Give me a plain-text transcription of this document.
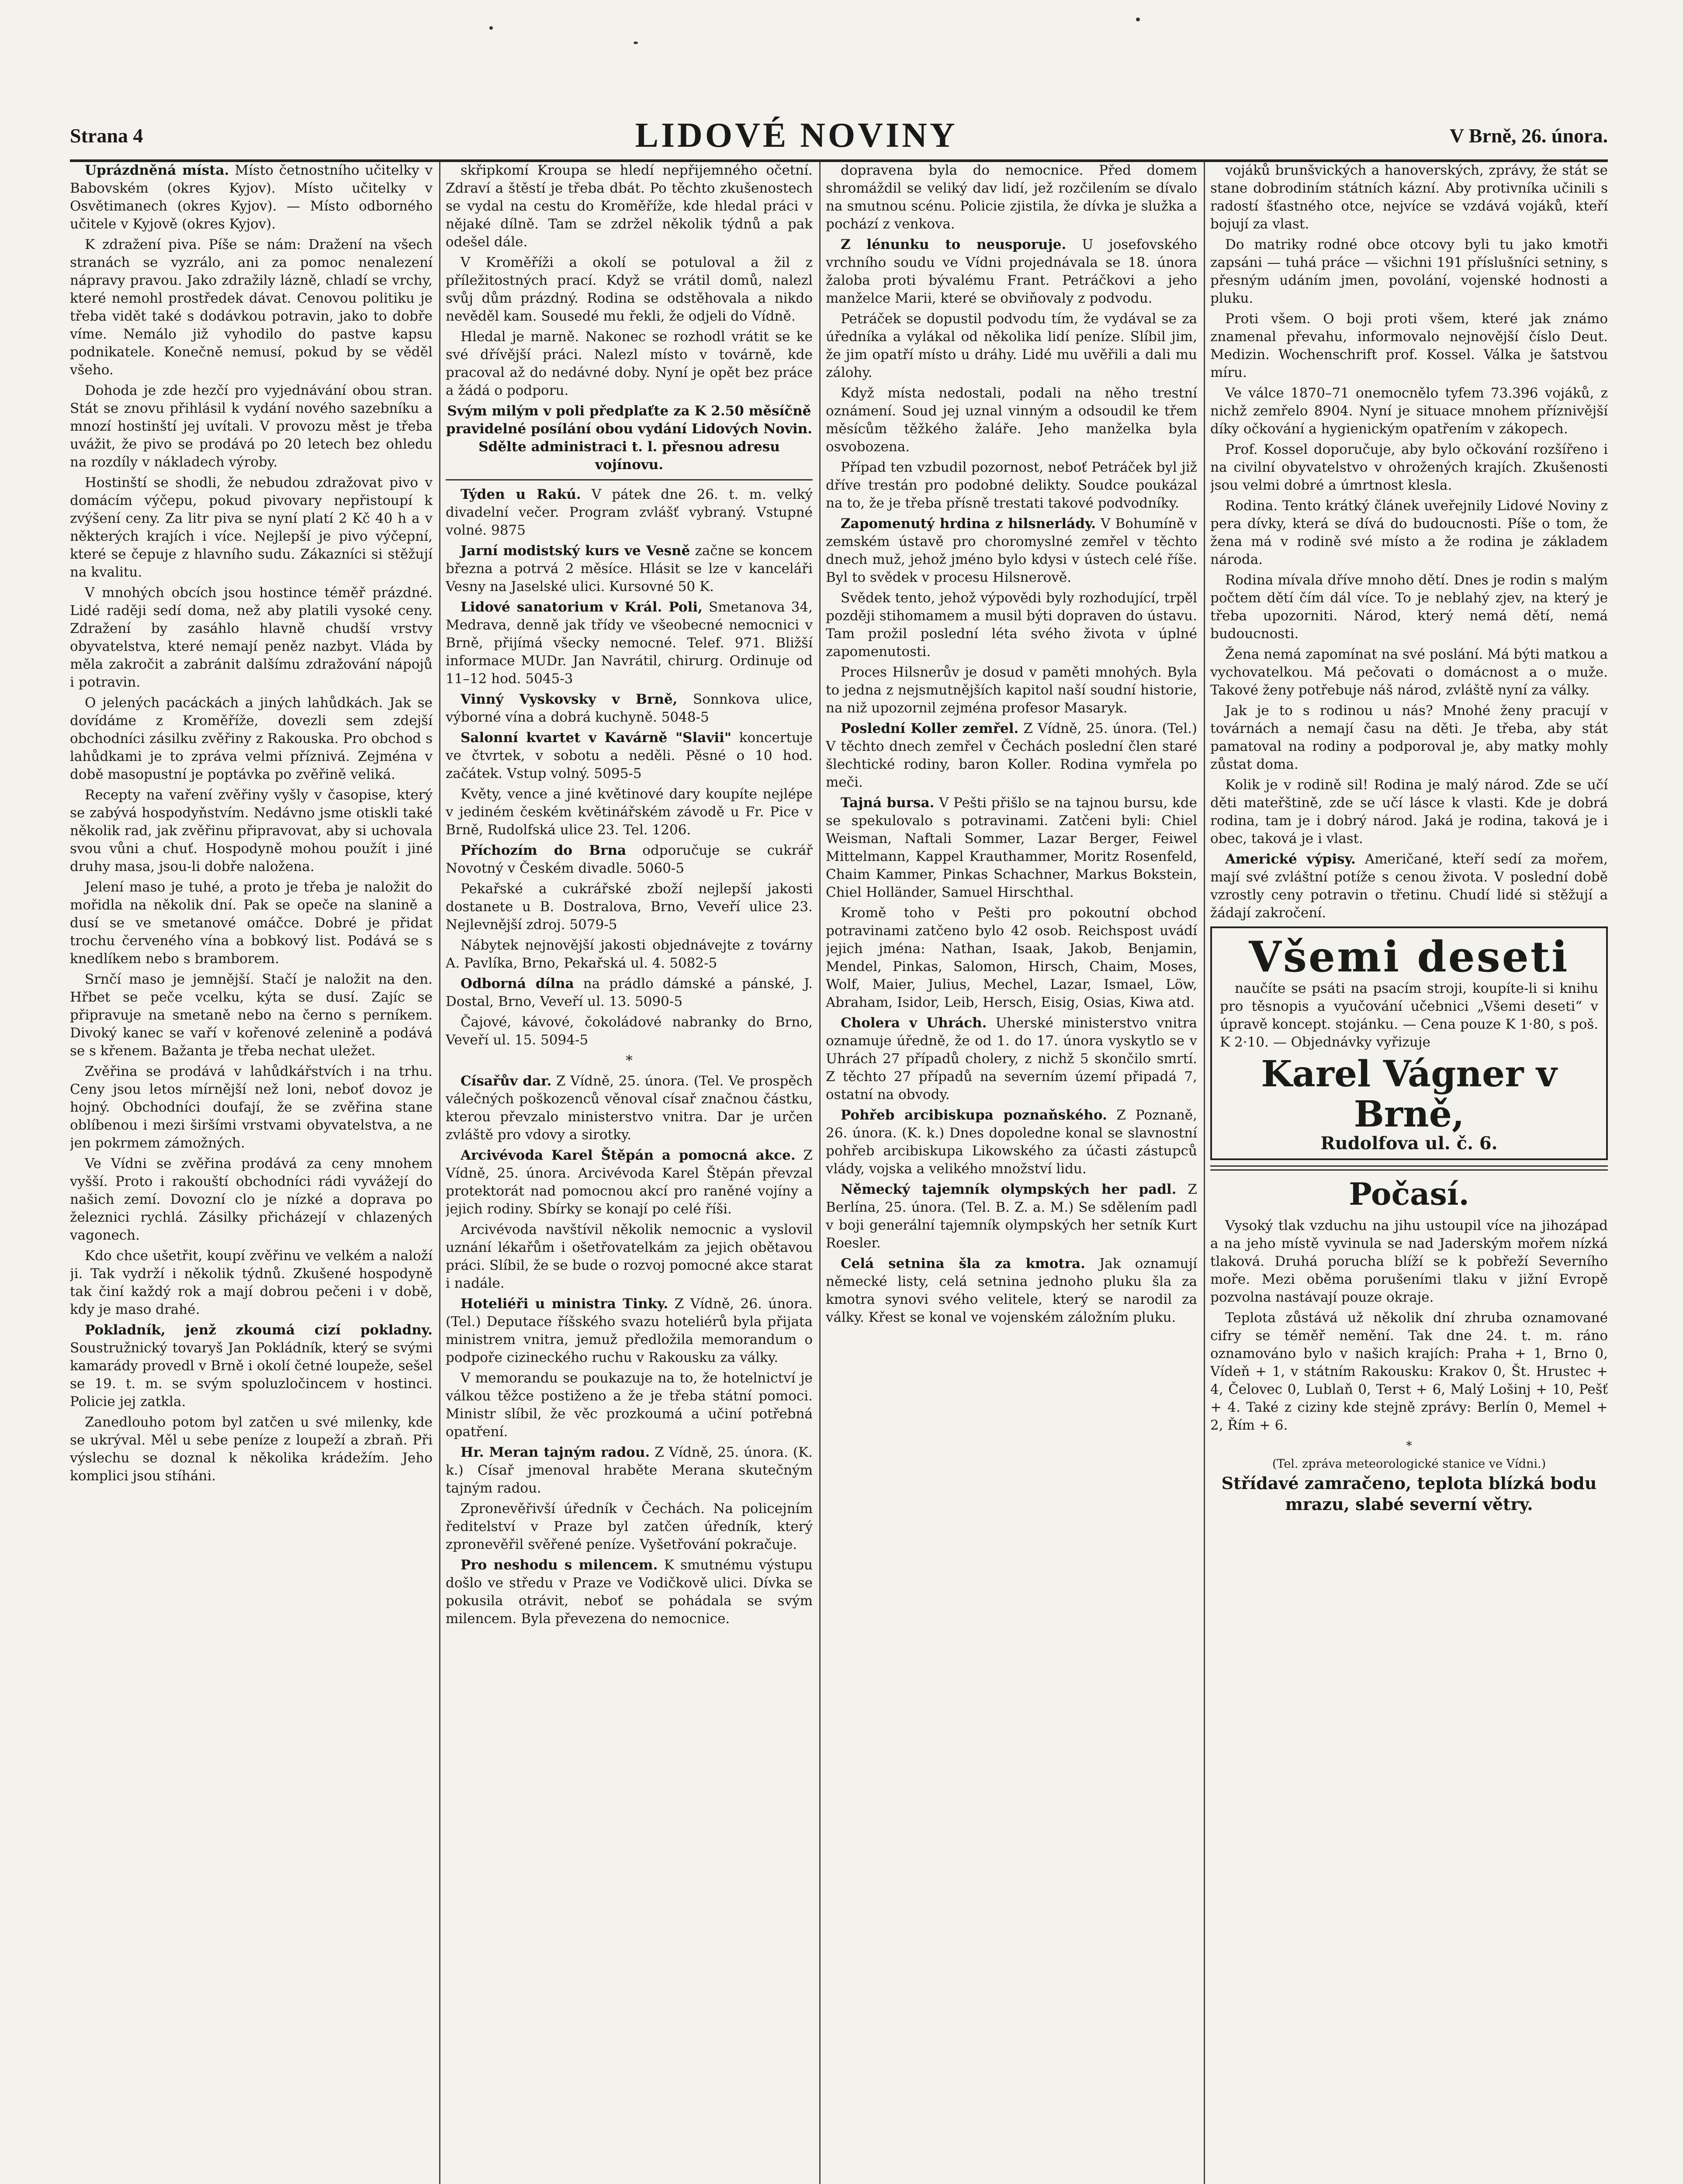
Strana 4	LIDOVÉ NOVINY	V Brně, 26. února.

Uprázdněná místa. Místo četnostního učitelky v Babovském (okres Kyjov). Místo učitelky v Osvětimanech (okres Kyjov). — Místo odborného učitele v Kyjově (okres Kyjov).

K zdražení piva. Píše se nám: Dražení na všech stranách se vyzrálo, ani za pomoc nenalezení nápravy pravou. Jako zdražily lázně, chladí se vrchy, které nemohl prostředek dávat. Cenovou politiku je třeba vidět také s dodávkou potravin, jako to dobře víme. Nemálo již vyhodilo do pastve kapsu podnikatele. Konečně nemusí, pokud by se věděl všeho.

Dohoda je zde hezčí pro vyjednávání obou stran. Stát se znovu přihlásil k vydání nového sazebníku a mnozí hostinští jej uvítali. V provozu měst je třeba uvážit, že pivo se prodává po 20 letech bez ohledu na rozdíly v nákladech výroby.

Hostinští se shodli, že nebudou zdražovat pivo v domácím výčepu, pokud pivovary nepřistoupí k zvýšení ceny. Za litr piva se nyní platí 2 Kč 40 h a v některých krajích i více. Nejlepší je pivo výčepní, které se čepuje z hlavního sudu. Zákazníci si stěžují na kvalitu.

V mnohých obcích jsou hostince téměř prázdné. Lidé raději sedí doma, než aby platili vysoké ceny. Zdražení by zasáhlo hlavně chudší vrstvy obyvatelstva, které nemají peněz nazbyt. Vláda by měla zakročit a zabránit dalšímu zdražování nápojů i potravin.

O jelených pacáckách a jiných lahůdkách. Jak se dovídáme z Kroměříže, dovezli sem zdejší obchodníci zásilku zvěřiny z Rakouska. Pro obchod s lahůdkami je to zpráva velmi příznivá. Zejména v době masopustní je poptávka po zvěřině veliká.

Recepty na vaření zvěřiny vyšly v časopise, který se zabývá hospodyňstvím. Nedávno jsme otiskli také několik rad, jak zvěřinu připravovat, aby si uchovala svou vůni a chuť. Hospodyně mohou použít i jiné druhy masa, jsou-li dobře naložena.

Jelení maso je tuhé, a proto je třeba je naložit do mořidla na několik dní. Pak se opeče na slanině a dusí se ve smetanové omáčce. Dobré je přidat trochu červeného vína a bobkový list. Podává se s knedlíkem nebo s bramborem.

Srnčí maso je jemnější. Stačí je naložit na den. Hřbet se peče vcelku, kýta se dusí. Zajíc se připravuje na smetaně nebo na černo s perníkem. Divoký kanec se vaří v kořenové zelenině a podává se s křenem. Bažanta je třeba nechat uležet.

Zvěřina se prodává v lahůdkářstvích i na trhu. Ceny jsou letos mírnější než loni, neboť dovoz je hojný. Obchodníci doufají, že se zvěřina stane oblíbenou i mezi širšími vrstvami obyvatelstva, a ne jen pokrmem zámožných.

Ve Vídni se zvěřina prodává za ceny mnohem vyšší. Proto i rakouští obchodníci rádi vyvážejí do našich zemí. Dovozní clo je nízké a doprava po železnici rychlá. Zásilky přicházejí v chlazených vagonech.

Kdo chce ušetřit, koupí zvěřinu ve velkém a naloží ji. Tak vydrží i několik týdnů. Zkušené hospodyně tak činí každý rok a mají dobrou pečeni i v době, kdy je maso drahé.

Pokladník, jenž zkoumá cizí pokladny. Soustružnický tovaryš Jan Pokládník, který se svými kamarády provedl v Brně i okolí četné loupeže, sešel se 19. t. m. se svým spoluzločincem v hostinci. Policie jej zatkla.

Zanedlouho potom byl zatčen u své milenky, kde se ukrýval. Měl u sebe peníze z loupeží a zbraň. Při výslechu se doznal k několika krádežím. Jeho komplici jsou stíháni.

skřipkomí Kroupa se hledí nepřijemného očetní. Zdraví a štěstí je třeba dbát. Po těchto zkušenostech se vydal na cestu do Kroměříže, kde hledal práci v nějaké dílně. Tam se zdržel několik týdnů a pak odešel dále.

V Kroměříži a okolí se potuloval a žil z příležitostných prací. Když se vrátil domů, nalezl svůj dům prázdný. Rodina se odstěhovala a nikdo nevěděl kam. Sousedé mu řekli, že odjeli do Vídně.

Hledal je marně. Nakonec se rozhodl vrátit se ke své dřívější práci. Nalezl místo v továrně, kde pracoval až do nedávné doby. Nyní je opět bez práce a žádá o podporu.

Svým milým v poli předplaťte za K 2.50 měsíčně pravidelné posílání obou vydání Lidových Novin. Sdělte administraci t. l. přesnou adresu vojínovu.

Týden u Rakú. V pátek dne 26. t. m. velký divadelní večer. Program zvlášť vybraný. Vstupné volné. 9875

Jarní modistský kurs ve Vesně začne se koncem března a potrvá 2 měsíce. Hlásit se lze v kanceláři Vesny na Jaselské ulici. Kursovné 50 K.

Lidové sanatorium v Král. Poli, Smetanova 34, Medrava, denně jak třídy ve všeobecné nemocnici v Brně, přijímá všecky nemocné. Telef. 971. Bližší informace MUDr. Jan Navrátil, chirurg. Ordinuje od 11–12 hod. 5045-3

Vinný Vyskovsky v Brně, Sonnkova ulice, výborné vína a dobrá kuchyně. 5048-5

Salonní kvartet v Kavárně "Slavii" koncertuje ve čtvrtek, v sobotu a neděli. Pěsné o 10 hod. začátek. Vstup volný. 5095-5

Květy, vence a jiné květinové dary koupíte nejlépe v jediném českém květinářském závodě u Fr. Pice v Brně, Rudolfská ulice 23. Tel. 1206.

Příchozím do Brna odporučuje se cukrář Novotný v Českém divadle. 5060-5

Pekařské a cukrářské zboží nejlepší jakosti dostanete u B. Dostralova, Brno, Veveří ulice 23. Nejlevnější zdroj. 5079-5

Nábytek nejnovější jakosti objednávejte z továrny A. Pavlíka, Brno, Pekařská ul. 4. 5082-5

Odborná dílna na prádlo dámské a pánské, J. Dostal, Brno, Veveří ul. 13. 5090-5

Čajové, kávové, čokoládové nabranky do Brno, Veveří ul. 15. 5094-5

*

Císařův dar. Z Vídně, 25. února. (Tel. Ve prospěch válečných poškozenců věnoval císař značnou částku, kterou převzalo ministerstvo vnitra. Dar je určen zvláště pro vdovy a sirotky.

Arcivévoda Karel Štěpán a pomocná akce. Z Vídně, 25. února. Arcivévoda Karel Štěpán převzal protektorát nad pomocnou akcí pro raněné vojíny a jejich rodiny. Sbírky se konají po celé říši.

Arcivévoda navštívil několik nemocnic a vyslovil uznání lékařům i ošetřovatelkám za jejich obětavou práci. Slíbil, že se bude o rozvoj pomocné akce starat i nadále.

Hoteliéři u ministra Tinky. Z Vídně, 26. února. (Tel.) Deputace říšského svazu hoteliérů byla přijata ministrem vnitra, jemuž předložila memorandum o podpoře cizineckého ruchu v Rakousku za války.

V memorandu se poukazuje na to, že hotelnictví je válkou těžce postiženo a že je třeba státní pomoci. Ministr slíbil, že věc prozkoumá a učiní potřebná opatření.

Hr. Meran tajným radou. Z Vídně, 25. února. (K. k.) Císař jmenoval hraběte Merana skutečným tajným radou.

Zpronevěřivší úředník v Čechách. Na policejním ředitelství v Praze byl zatčen úředník, který zpronevěřil svěřené peníze. Vyšetřování pokračuje.

Pro neshodu s milencem. K smutnému výstupu došlo ve středu v Praze ve Vodičkově ulici. Dívka se pokusila otrávit, neboť se pohádala se svým milencem. Byla převezena do nemocnice.

dopravena byla do nemocnice. Před domem shromáždil se veliký dav lidí, jež rozčilením se dívalo na smutnou scénu. Policie zjistila, že dívka je služka a pochází z venkova.

Z lénunku to neusporuje. U josefovského vrchního soudu ve Vídni projednávala se 18. února žaloba proti bývalému Frant. Petráčkovi a jeho manželce Marii, které se obviňovaly z podvodu.

Petráček se dopustil podvodu tím, že vydával se za úředníka a vylákal od několika lidí peníze. Slíbil jim, že jim opatří místo u dráhy. Lidé mu uvěřili a dali mu zálohy.

Když místa nedostali, podali na něho trestní oznámení. Soud jej uznal vinným a odsoudil ke třem měsícům těžkého žaláře. Jeho manželka byla osvobozena.

Případ ten vzbudil pozornost, neboť Petráček byl již dříve trestán pro podobné delikty. Soudce poukázal na to, že je třeba přísně trestati takové podvodníky.

Zapomenutý hrdina z hilsnerlády. V Bohumíně v zemském ústavě pro choromyslné zemřel v těchto dnech muž, jehož jméno bylo kdysi v ústech celé říše. Byl to svědek v procesu Hilsnerově.

Svědek tento, jehož výpovědi byly rozhodující, trpěl později stihomamem a musil býti dopraven do ústavu. Tam prožil poslední léta svého života v úplné zapomenutosti.

Proces Hilsnerův je dosud v paměti mnohých. Byla to jedna z nejsmutnějších kapitol naší soudní historie, na niž upozornil zejména profesor Masaryk.

Poslední Koller zemřel. Z Vídně, 25. února. (Tel.) V těchto dnech zemřel v Čechách poslední člen staré šlechtické rodiny, baron Koller. Rodina vymřela po meči.

Tajná bursa. V Pešti přišlo se na tajnou bursu, kde se spekulovalo s potravinami. Zatčeni byli: Chiel Weisman, Naftali Sommer, Lazar Berger, Feiwel Mittelmann, Kappel Krauthammer, Moritz Rosenfeld, Chaim Kammer, Pinkas Schachner, Markus Bokstein, Chiel Holländer, Samuel Hirschthal.

Kromě toho v Pešti pro pokoutní obchod potravinami zatčeno bylo 42 osob. Reichspost uvádí jejich jména: Nathan, Isaak, Jakob, Benjamin, Mendel, Pinkas, Salomon, Hirsch, Chaim, Moses, Wolf, Maier, Julius, Mechel, Lazar, Ismael, Löw, Abraham, Isidor, Leib, Hersch, Eisig, Osias, Kiwa atd.

Cholera v Uhrách. Uherské ministerstvo vnitra oznamuje úředně, že od 1. do 17. února vyskytlo se v Uhrách 27 případů cholery, z nichž 5 skončilo smrtí. Z těchto 27 případů na severním území připadá 7, ostatní na obvody.

Pohřeb arcibiskupa poznaňského. Z Poznaně, 26. února. (K. k.) Dnes dopoledne konal se slavnostní pohřeb arcibiskupa Likowského za účasti zástupců vlády, vojska a velikého množství lidu.

Německý tajemník olympských her padl. Z Berlína, 25. února. (Tel. B. Z. a. M.) Se sdělením padl v boji generální tajemník olympských her setník Kurt Roesler.

Celá setnina šla za kmotra. Jak oznamují německé listy, celá setnina jednoho pluku šla za kmotra synovi svého velitele, který se narodil za války. Křest se konal ve vojenském záložním pluku.

vojáků brunšvických a hanoverských, zprávy, že stát se stane dobrodiním státních kázní. Aby protivníka učinili s radostí šťastného otce, nejvíce se vzdává vojáků, kteří bojují za vlast.

Do matriky rodné obce otcovy byli tu jako kmotři zapsáni — tuhá práce — všichni 191 příslušníci setniny, s přesným udáním jmen, povolání, vojenské hodnosti a pluku.

Proti všem. O boji proti všem, které jak známo znamenal převahu, informovalo nejnovější číslo Deut. Medizin. Wochenschrift prof. Kossel. Válka je šatstvou míru.

Ve válce 1870–71 onemocnělo tyfem 73.396 vojáků, z nichž zemřelo 8904. Nyní je situace mnohem příznivější díky očkování a hygienickým opatřením v zákopech.

Prof. Kossel doporučuje, aby bylo očkování rozšířeno i na civilní obyvatelstvo v ohrožených krajích. Zkušenosti jsou velmi dobré a úmrtnost klesla.

Rodina. Tento krátký článek uveřejnily Lidové Noviny z pera dívky, která se dívá do budoucnosti. Píše o tom, že žena má v rodině své místo a že rodina je základem národa.

Rodina mívala dříve mnoho dětí. Dnes je rodin s malým počtem dětí čím dál více. To je neblahý zjev, na který je třeba upozorniti. Národ, který nemá dětí, nemá budoucnosti.

Žena nemá zapomínat na své poslání. Má býti matkou a vychovatelkou. Má pečovati o domácnost a o muže. Takové ženy potřebuje náš národ, zvláště nyní za války.

Jak je to s rodinou u nás? Mnohé ženy pracují v továrnách a nemají času na děti. Je třeba, aby stát pamatoval na rodiny a podporoval je, aby matky mohly zůstat doma.

Kolik je v rodině sil! Rodina je malý národ. Zde se učí děti mateřštině, zde se učí lásce k vlasti. Kde je dobrá rodina, tam je i dobrý národ. Jaká je rodina, taková je i obec, taková je i vlast.

Americké výpisy. Američané, kteří sedí za mořem, mají své zvláštní potíže s cenou života. V poslední době vzrostly ceny potravin o třetinu. Chudí lidé si stěžují a žádají zakročení.

Všemi deseti
naučíte se psáti na psacím stroji, koupíte-li si knihu pro těsnopis a vyučování učebnici „Všemi deseti“ v úpravě koncept. stojánku. — Cena pouze K 1·80, s poš. K 2·10. — Objednávky vyřizuje
Karel Vágner v Brně,
Rudolfova ul. č. 6.
Počasí.

Vysoký tlak vzduchu na jihu ustoupil více na jihozápad a na jeho místě vyvinula se nad Jaderským mořem nízká tlaková. Druhá porucha blíží se k pobřeží Severního moře. Mezi oběma porušeními tlaku v jižní Evropě pozvolna nastávají pouze okraje.

Teplota zůstává už několik dní zhruba oznamované cifry se téměř nemění. Tak dne 24. t. m. ráno oznamováno bylo v našich krajích: Praha + 1, Brno 0, Vídeň + 1, v státním Rakousku: Krakov 0, Št. Hrustec + 4, Čelovec 0, Lublaň 0, Terst + 6, Malý Lošinj + 10, Pešť + 4. Také z ciziny kde stejně zprávy: Berlín 0, Memel + 2, Řím + 6.

*
(Tel. zpráva meteorologické stanice ve Vídni.)

Střídavé zamračeno, teplota blízká bodu mrazu, slabé severní větry.
